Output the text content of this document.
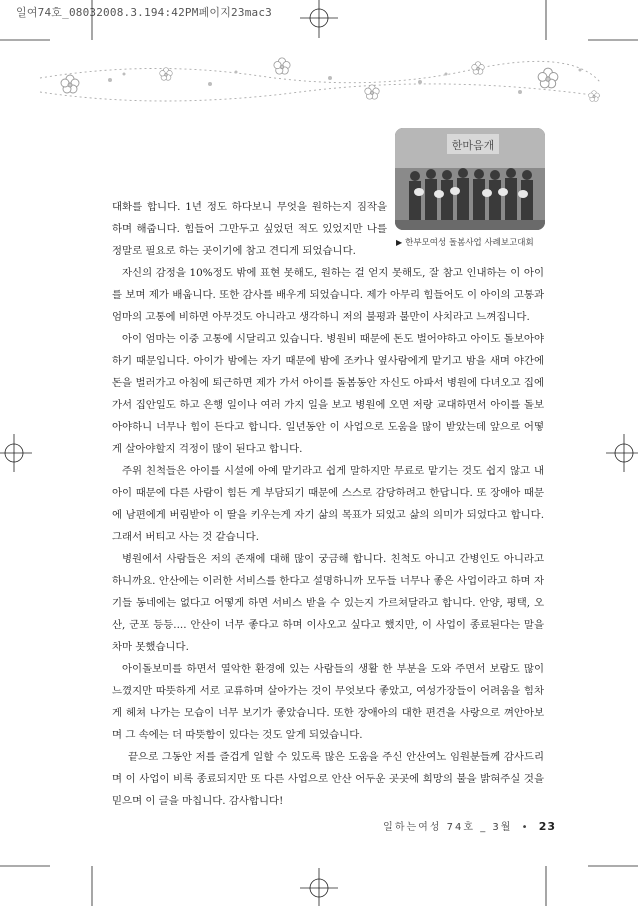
일여74호_08032008.3.194:42PM페이지23mac3
한마음개
▶ 한부모여성 돌봄사업 사례보고대회

대화를 합니다. 1년 정도 하다보니 무엇을 원하는지 짐작을 하며 해줍니다. 힘들어 그만두고 싶었던 적도 있었지만 나를 정말로 필요로 하는 곳이기에 참고 견디게 되었습니다.

자신의 감정을 10%정도 밖에 표현 못해도, 원하는 걸 얻지 못해도, 잘 참고 인내하는 이 아이를 보며 제가 배웁니다. 또한 감사를 배우게 되었습니다. 제가 아무리 힘들어도 이 아이의 고통과 엄마의 고통에 비하면 아무것도 아니라고 생각하니 저의 불평과 불만이 사치라고 느껴집니다.

아이 엄마는 이중 고통에 시달리고 있습니다. 병원비 때문에 돈도 벌어야하고 아이도 돌보아야하기 때문입니다. 아이가 밤에는 자기 때문에 밤에 조카나 옆사람에게 맡기고 밤을 새며 야간에 돈을 벌러가고 아침에 퇴근하면 제가 가서 아이를 돌봄동안 자신도 아파서 병원에 다녀오고 집에 가서 집안일도 하고 은행 일이나 여러 가지 일을 보고 병원에 오면 저랑 교대하면서 아이를 돌보아야하니 너무나 힘이 든다고 합니다. 일년동안 이 사업으로 도움을 많이 받았는데 앞으로 어떻게 살아야할지 걱정이 많이 된다고 합니다.

주위 친척들은 아이를 시설에 아예 맡기라고 쉽게 말하지만 무료로 맡기는 것도 쉽지 않고 내 아이 때문에 다른 사람이 힘든 게 부담되기 때문에 스스로 감당하려고 한답니다. 또 장애아 때문에 남편에게 버림받아 이 딸을 키우는게 자기 삶의 목표가 되었고 삶의 의미가 되었다고 합니다. 그래서 버티고 사는 것 같습니다.

병원에서 사람들은 저의 존재에 대해 많이 궁금해 합니다. 친척도 아니고 간병인도 아니라고 하니까요. 안산에는 이러한 서비스를 한다고 설명하니까 모두들 너무나 좋은 사업이라고 하며 자기들 동네에는 없다고 어떻게 하면 서비스 받을 수 있는지 가르쳐달라고 합니다. 안양, 평택, 오산, 군포 등등.... 안산이 너무 좋다고 하며 이사오고 싶다고 했지만, 이 사업이 종료된다는 말을 차마 못했습니다.

아이돌보미를 하면서 열악한 환경에 있는 사람들의 생활 한 부분을 도와 주면서 보람도 많이 느꼈지만 따뜻하게 서로 교류하며 살아가는 것이 무엇보다 좋았고, 여성가장들이 어려움을 힘차게 헤쳐 나가는 모습이 너무 보기가 좋았습니다. 또한 장애아의 대한 편견을 사랑으로 껴안아보며 그 속에는 더 따뜻함이 있다는 것도 알게 되었습니다.

끝으로 그동안 저를 즐겁게 일할 수 있도록 많은 도움을 주신 안산여노 임원분들께 감사드리며 이 사업이 비록 종료되지만 또 다른 사업으로 안산 어두운 곳곳에 희망의 불을 밝혀주실 것을 믿으며 이 글을 마칩니다. 감사합니다!

일하는여성 74호 _ 3월 • 23
